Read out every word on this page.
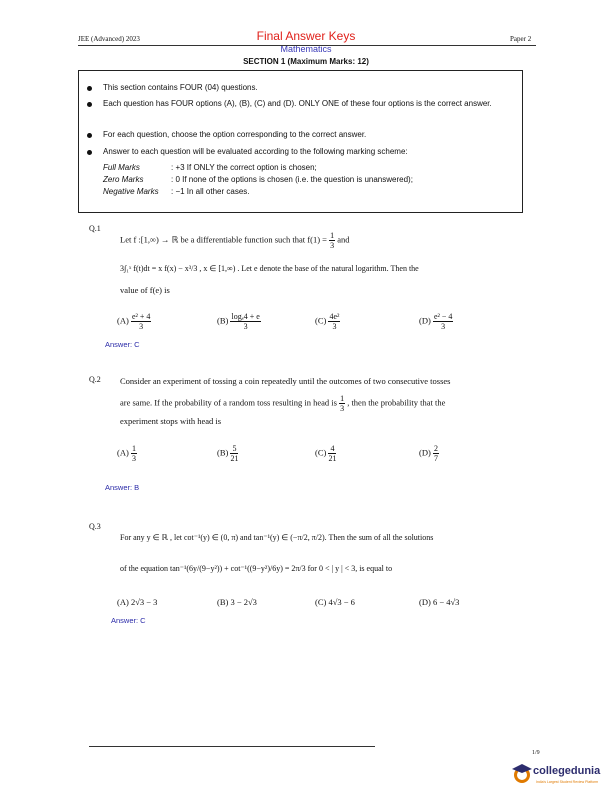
JEE (Advanced) 2023	Final Answer Keys
Mathematics
Paper 2
SECTION 1 (Maximum Marks: 12)
This section contains FOUR (04) questions.
Each question has FOUR options (A), (B), (C) and (D). ONLY ONE of these four options is the correct answer.
For each question, choose the option corresponding to the correct answer.
Answer to each question will be evaluated according to the following marking scheme:
Full Marks	: +3 If ONLY the correct option is chosen;
Zero Marks	: 0 If none of the options is chosen (i.e. the question is unanswered);
Negative Marks : −1 In all other cases.
Q.1
Let f :[1,∞) → ℝ be a differentiable function such that $f(1) = \frac{1}{3}$ and
3∫₁ˣ f(t)dt = x f(x) − x³/3 , x ∈ [1,∞) . Let e denote the base of the natural logarithm. Then the
value of f(e) is
$(A) \frac{\text{e² + 4}}{3}$	$(B) \frac{\text{logₑ4 + e}}{3}$	$(C) \frac{\text{4e²}}{3}$	$(D) \frac{\text{e² − 4}}{3}$
Answer: C
Q.2 Consider an experiment of tossing a coin repeatedly until the outcomes of two consecutive tosses
are same. If the probability of a random toss resulting in head is $\frac{1}{3}$ , then the probability that the
experiment stops with head is
$(A) \frac{1}{3}$	$(B) \frac{5}{21}$	$(C) \frac{4}{21}$	$(D) \frac{2}{7}$
Answer: B
Q.3
For any y ∈ ℝ , let cot⁻¹(y) ∈ (0, π) and tan⁻¹(y) ∈ (−π/2, π/2). Then the sum of all the solutions
of the equation tan⁻¹(6y/(9−y²)) + cot⁻¹((9−y²)/6y) = 2π/3 for 0 < | y | < 3, is equal to
(A) 2√3 − 3	(B) 3 − 2√3	(C) 4√3 − 6	(D) 6 − 4√3
Answer: C
1/9
collegedunia
India's Largest Student Review Platform
